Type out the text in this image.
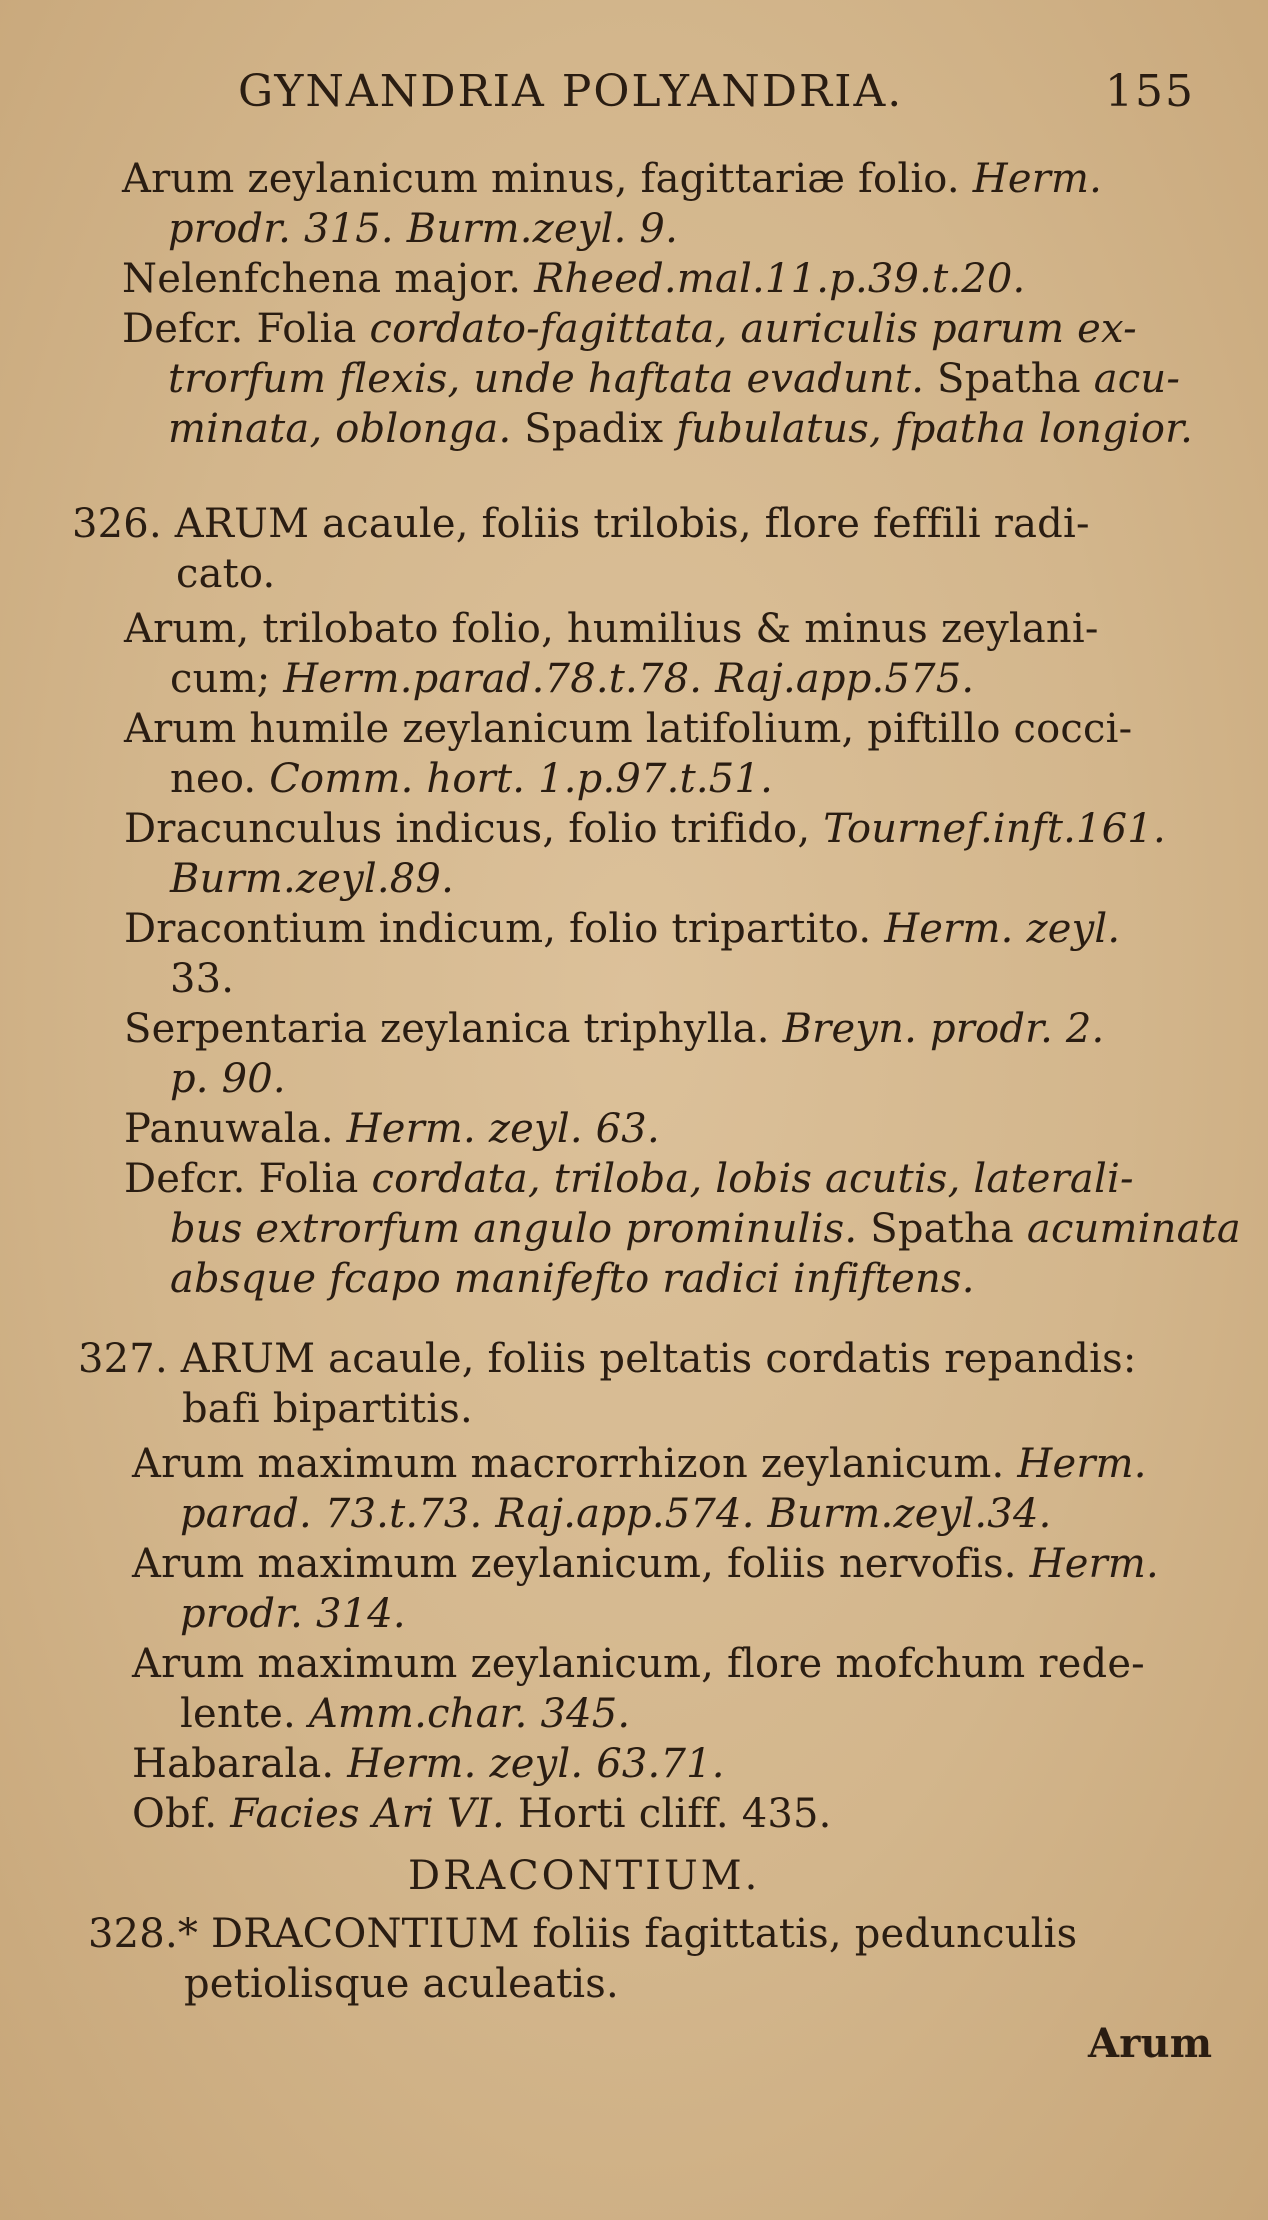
GYNANDRIA POLYANDRIA.	155
Arum zeylanicum minus, fagittariæ folio. Herm.
prodr. 315. Burm.zeyl. 9.
Nelenfchena major. Rheed.mal.11.p.39.t.20.
Defcr. Folia cordato-fagittata, auriculis parum ex-
trorfum flexis, unde haftata evadunt. Spatha acu-
minata, oblonga. Spadix fubulatus, fpatha longior.
326. ARUM acaule, foliis trilobis, flore feffili radi-
cato.
Arum, trilobato folio, humilius & minus zeylani-
cum; Herm.parad.78.t.78. Raj.app.575.
Arum humile zeylanicum latifolium, piftillo cocci-
neo. Comm. hort. 1.p.97.t.51.
Dracunculus indicus, folio trifido, Tournef.inft.161.
Burm.zeyl.89.
Dracontium indicum, folio tripartito. Herm. zeyl.
33.
Serpentaria zeylanica triphylla. Breyn. prodr. 2.
p. 90.
Panuwala. Herm. zeyl. 63.
Defcr. Folia cordata, triloba, lobis acutis, laterali-
bus extrorfum angulo prominulis. Spatha acuminata
absque fcapo manifefto radici infiftens.
327. ARUM acaule, foliis peltatis cordatis repandis:
bafi bipartitis.
Arum maximum macrorrhizon zeylanicum. Herm.
parad. 73.t.73. Raj.app.574. Burm.zeyl.34.
Arum maximum zeylanicum, foliis nervofis. Herm.
prodr. 314.
Arum maximum zeylanicum, flore mofchum rede-
lente. Amm.char. 345.
Habarala. Herm. zeyl. 63.71.
Obf. Facies Ari VI. Horti cliff. 435.
DRACONTIUM.
328.* DRACONTIUM foliis fagittatis, pedunculis
petiolisque aculeatis.
Arum
